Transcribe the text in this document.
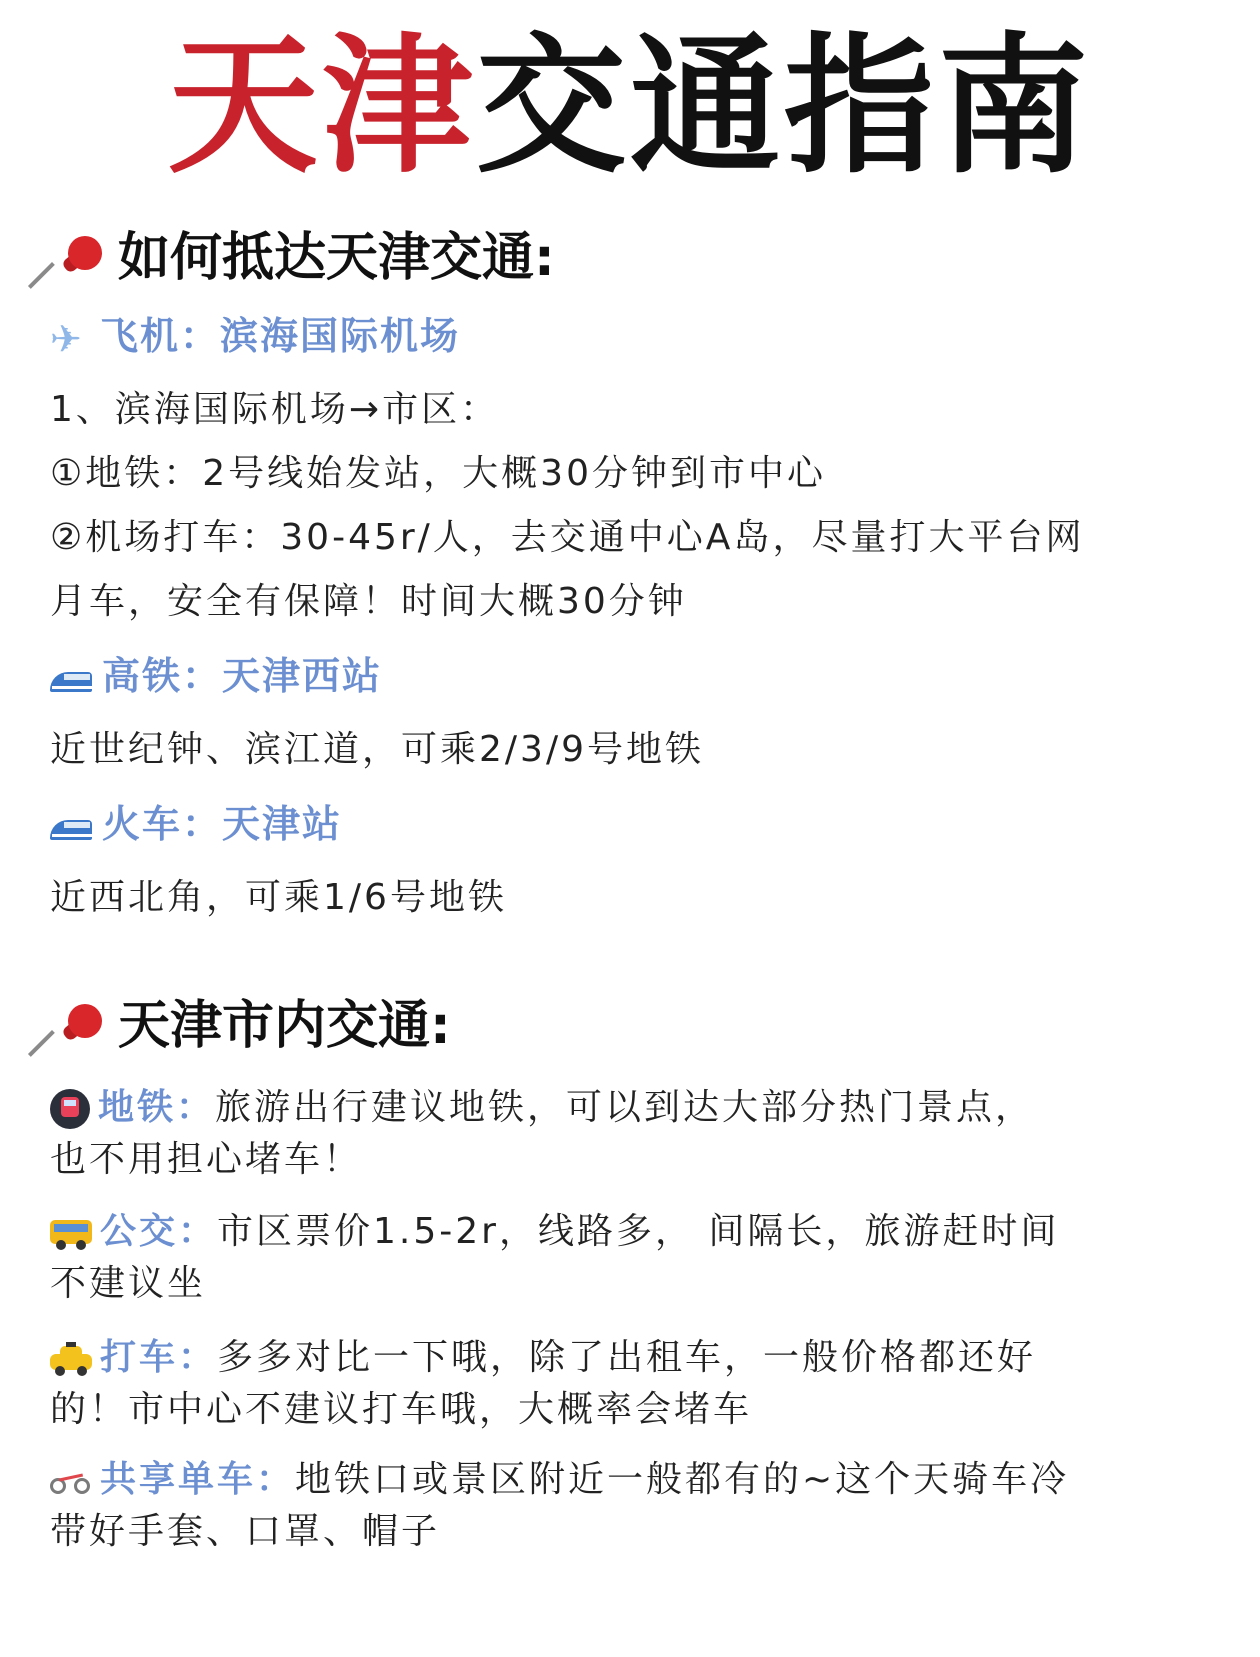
天津交通指南
如何抵达天津交通:
✈ 飞机：滨海国际机场
1、滨海国际机场→市区：
①地铁：2号线始发站，大概30分钟到市中心
②机场打车：30-45r/人，去交通中心A岛，尽量打大平台网
月车，安全有保障！时间大概30分钟
高铁：天津西站
近世纪钟、滨江道，可乘2/3/9号地铁
火车：天津站
近西北角，可乘1/6号地铁
天津市内交通:
地铁：旅游出行建议地铁，可以到达大部分热门景点，
也不用担心堵车！
公交：市区票价1.5-2r，线路多， 间隔长，旅游赶时间
不建议坐
打车：多多对比一下哦，除了出租车，一般价格都还好
的！市中心不建议打车哦，大概率会堵车
共享单车：地铁口或景区附近一般都有的~这个天骑车冷
带好手套、口罩、帽子
